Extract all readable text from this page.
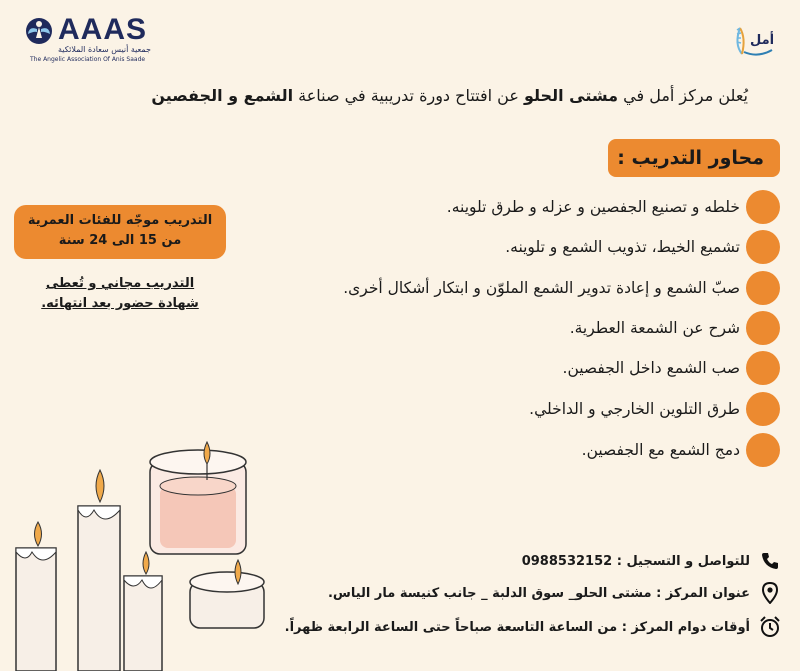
AAAS
جمعية أنيس سعادة الملائكية
The Angelic Association Of Anis Saade
أمل
يُعلن مركز أمل في مشتى الحلو عن افتتاح دورة تدريبية في صناعة الشمع و الجفصين
محاور التدريب :
خلطه و تصنيع الجفصين و عزله و طرق تلوينه.
تشميع الخيط، تذويب الشمع و تلوينه.
صبّ الشمع و إعادة تدوير الشمع الملوّن و ابتكار أشكال أخرى.
شرح عن الشمعة العطرية.
صب الشمع داخل الجفصين.
طرق التلوين الخارجي و الداخلي.
دمج الشمع مع الجفصين.
التدريب موجّه للفئات العمرية
من 15 الى 24 سنة
التدريب مجاني و تُعطى
شهادة حضور بعد انتهائه.
للتواصل و التسجيل : 0988532152
عنوان المركز : مشتى الحلو_ سوق الدلبة _ جانب كنيسة مار الياس.
أوقات دوام المركز : من الساعة التاسعة صباحاً حتى الساعة الرابعة ظهراً.
